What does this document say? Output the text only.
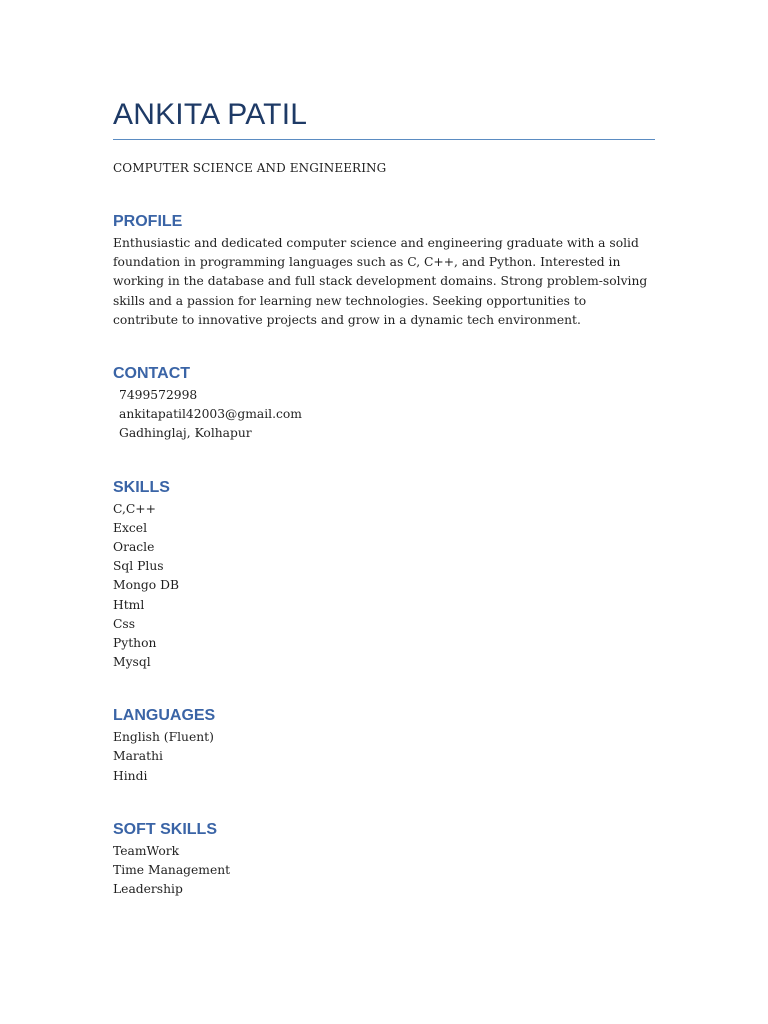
ANKITA PATIL
COMPUTER SCIENCE AND ENGINEERING
PROFILE
Enthusiastic and dedicated computer science and engineering graduate with a solid foundation in programming languages such as C, C++, and Python. Interested in working in the database and full stack development domains. Strong problem-solving skills and a passion for learning new technologies. Seeking opportunities to contribute to innovative projects and grow in a dynamic tech environment.
CONTACT
7499572998
ankitapatil42003@gmail.com
Gadhinglaj, Kolhapur
SKILLS
C,C++
Excel
Oracle
Sql Plus
Mongo DB
Html
Css
Python
Mysql
LANGUAGES
English (Fluent)
Marathi
Hindi
SOFT SKILLS
TeamWork
Time Management
Leadership
